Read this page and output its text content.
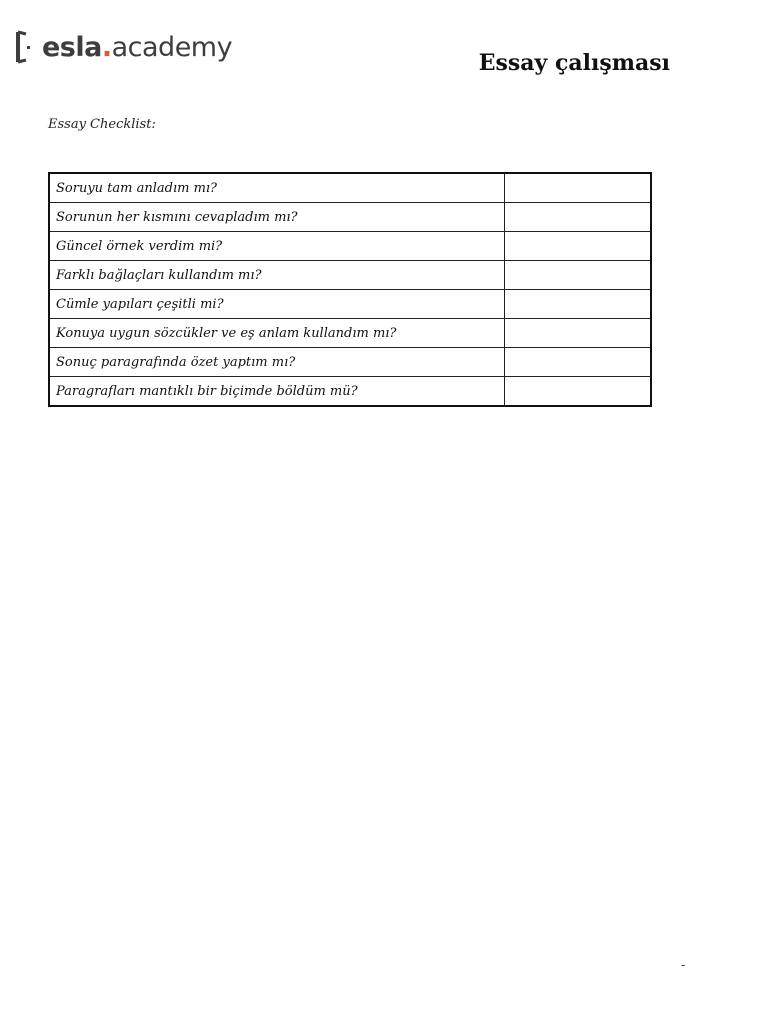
esla.academy
Essay çalışması

Essay Checklist:

Soruyu tam anladım mı?	
Sorunun her kısmını cevapladım mı?	
Güncel örnek verdim mi?	
Farklı bağlaçları kullandım mı?	
Cümle yapıları çeşitli mi?	
Konuya uygun sözcükler ve eş anlam kullandım mı?	
Sonuç paragrafında özet yaptım mı?	
Paragrafları mantıklı bir biçimde böldüm mü?	
-
